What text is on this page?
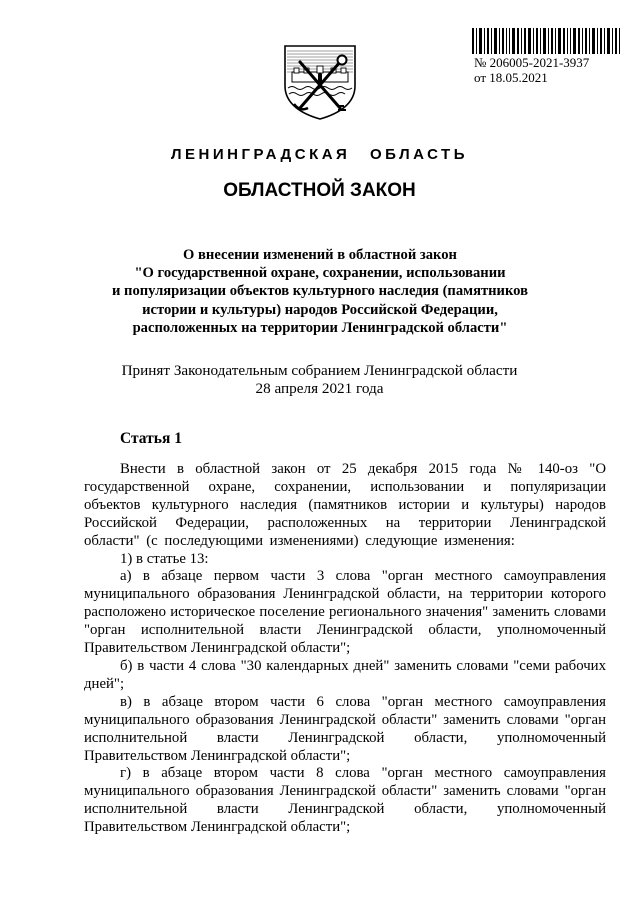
№ 206005-2021-3937
от 18.05.2021
ЛЕНИНГРАДСКАЯ ОБЛАСТЬ
ОБЛАСТНОЙ ЗАКОН
О внесении изменений в областной закон
"О государственной охране, сохранении, использовании
и популяризации объектов культурного наследия (памятников
истории и культуры) народов Российской Федерации,
расположенных на территории Ленинградской области"
Принят Законодательным собранием Ленинградской области
28 апреля 2021 года
Статья 1

Внести в областной закон от 25 декабря 2015 года № 140-оз "О государственной охране, сохранении, использовании и популяризации объектов культурного наследия (памятников истории и культуры) народов Российской Федерации, расположенных на территории Ленинградской области" (с последующими изменениями) следующие изменения:

1) в статье 13:

а) в абзаце первом части 3 слова "орган местного самоуправления муниципального образования Ленинградской области, на территории которого расположено историческое поселение регионального значения" заменить словами "орган исполнительной власти Ленинградской области, уполномоченный Правительством Ленинградской области";

б) в части 4 слова "30 календарных дней" заменить словами "семи рабочих дней";

в) в абзаце втором части 6 слова "орган местного самоуправления муниципального образования Ленинградской области" заменить словами "орган исполнительной власти Ленинградской области, уполномоченный Правительством Ленинградской области";

г) в абзаце втором части 8 слова "орган местного самоуправления муниципального образования Ленинградской области" заменить словами "орган исполнительной власти Ленинградской области, уполномоченный Правительством Ленинградской области";
